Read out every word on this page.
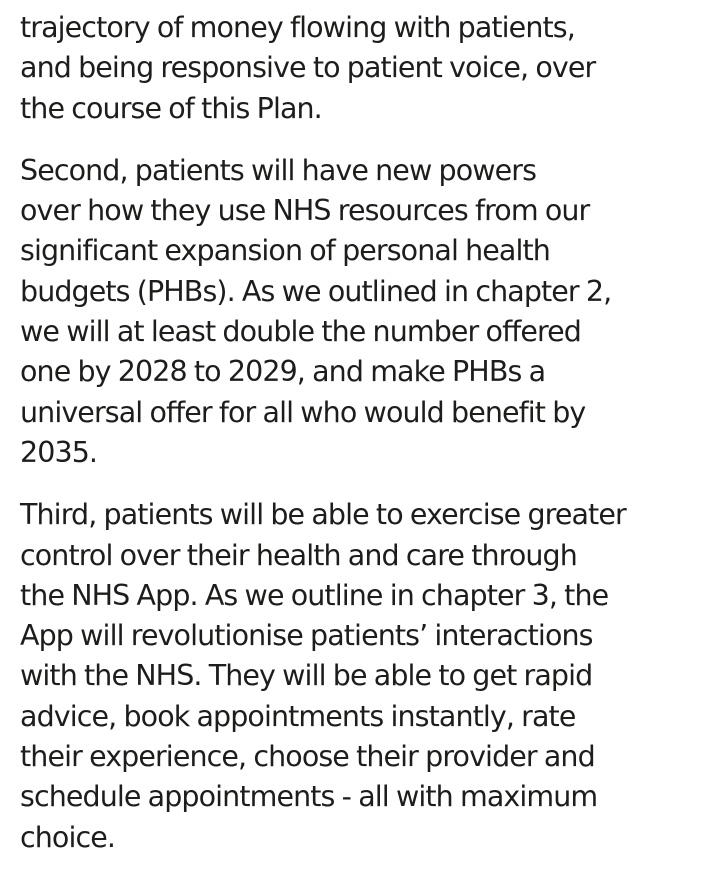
trajectory of money flowing with patients,
and being responsive to patient voice, over
the course of this Plan.

Second, patients will have new powers
over how they use NHS resources from our
significant expansion of personal health
budgets (PHBs). As we outlined in chapter 2,
we will at least double the number offered
one by 2028 to 2029, and make PHBs a
universal offer for all who would benefit by
2035.

Third, patients will be able to exercise greater
control over their health and care through
the NHS App. As we outline in chapter 3, the
App will revolutionise patients’ interactions
with the NHS. They will be able to get rapid
advice, book appointments instantly, rate
their experience, choose their provider and
schedule appointments - all with maximum
choice.
